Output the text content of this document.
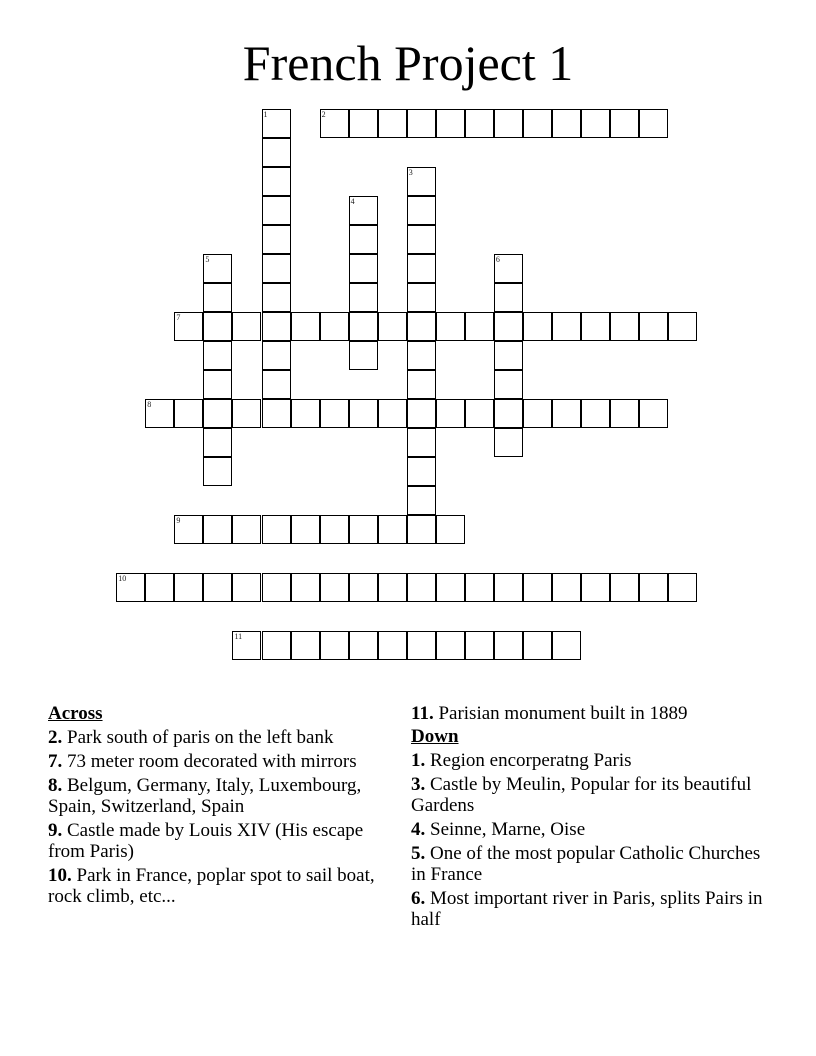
French Project 1
1	2
3
4
5	6
7
8
9
10
11
Across
2. Park south of paris on the left bank
7. 73 meter room decorated with mirrors
8. Belgum, Germany, Italy, Luxembourg, Spain, Switzerland, Spain
9. Castle made by Louis XIV (His escape from Paris)
10. Park in France, poplar spot to sail boat, rock climb, etc...
11. Parisian monument built in 1889
Down
1. Region encorperatng Paris
3. Castle by Meulin, Popular for its beautiful Gardens
4. Seinne, Marne, Oise
5. One of the most popular Catholic Churches in France
6. Most important river in Paris, splits Pairs in half
